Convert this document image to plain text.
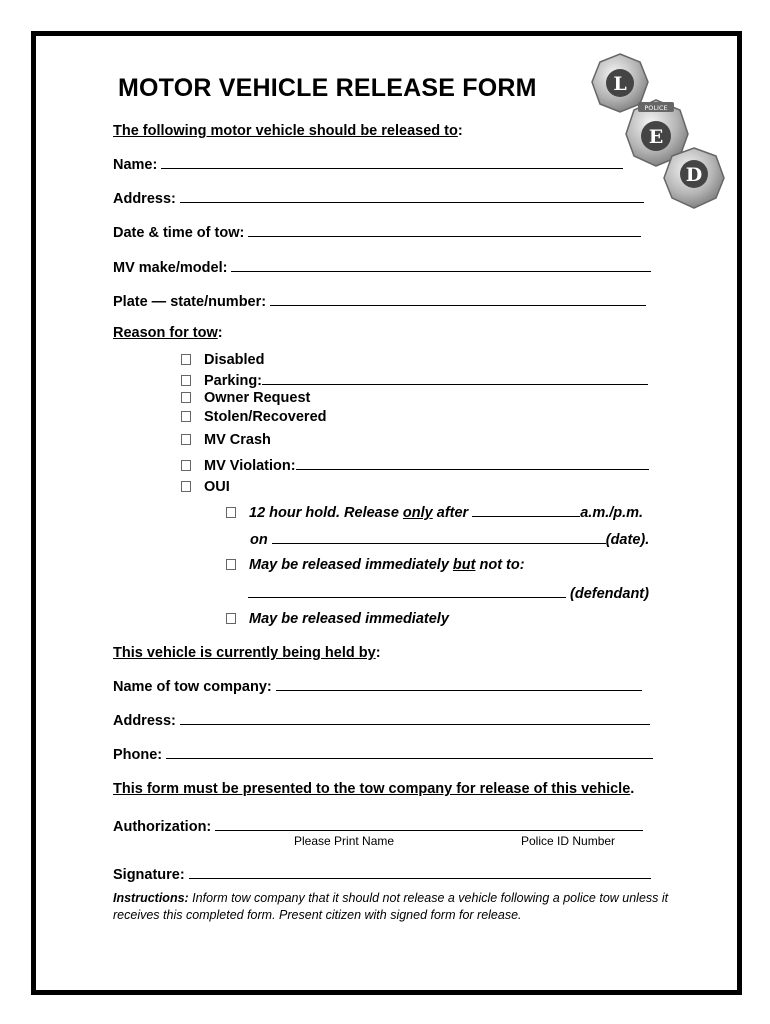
MOTOR VEHICLE RELEASE FORM	L
POLICE
E
D
The following motor vehicle should be released to:
Name:
Address:
Date & time of tow:
MV make/model:
Plate — state/number:
Reason for tow:
Disabled
Parking:
Owner Request
Stolen/Recovered
MV Crash
MV Violation:
OUI
12 hour hold. Release only after	a.m./p.m.
on	(date).
May be released immediately but not to:
(defendant)
May be released immediately
This vehicle is currently being held by:
Name of tow company:
Address:
Phone:
This form must be presented to the tow company for release of this vehicle.
Authorization:
Please Print Name	Police ID Number
Signature:
Instructions: Inform tow company that it should not release a vehicle following a police tow unless it receives this completed form. Present citizen with signed form for release.
